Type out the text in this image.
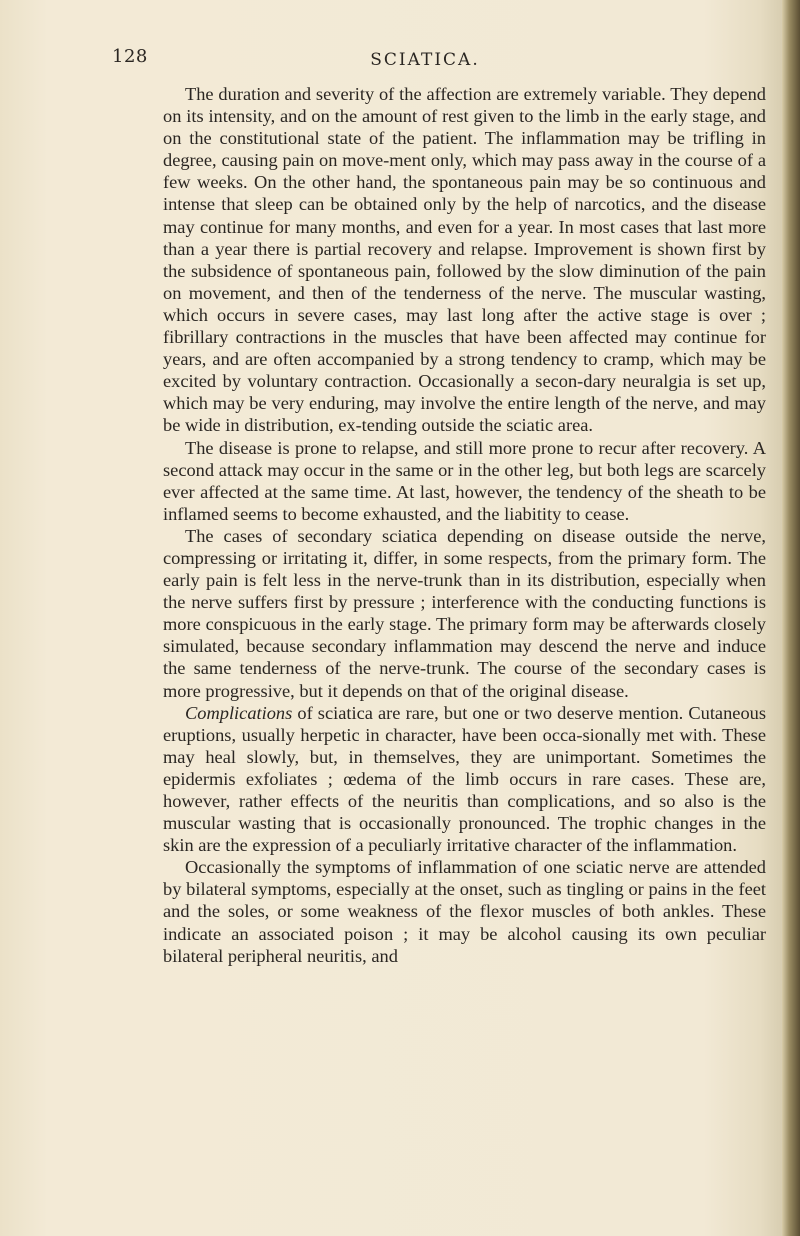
128	SCIATICA.

The duration and severity of the affection are extremely variable. They depend on its intensity, and on the amount of rest given to the limb in the early stage, and on the constitutional state of the patient. The inflammation may be trifling in degree, causing pain on move-ment only, which may pass away in the course of a few weeks. On the other hand, the spontaneous pain may be so continuous and intense that sleep can be obtained only by the help of narcotics, and the disease may continue for many months, and even for a year. In most cases that last more than a year there is partial recovery and relapse. Improvement is shown first by the subsidence of spontaneous pain, followed by the slow diminution of the pain on movement, and then of the tenderness of the nerve. The muscular wasting, which occurs in severe cases, may last long after the active stage is over ; fibrillary contractions in the muscles that have been affected may continue for years, and are often accompanied by a strong tendency to cramp, which may be excited by voluntary contraction. Occasionally a secon-dary neuralgia is set up, which may be very enduring, may involve the entire length of the nerve, and may be wide in distribution, ex-tending outside the sciatic area.

The disease is prone to relapse, and still more prone to recur after recovery. A second attack may occur in the same or in the other leg, but both legs are scarcely ever affected at the same time. At last, however, the tendency of the sheath to be inflamed seems to become exhausted, and the liabitity to cease.

The cases of secondary sciatica depending on disease outside the nerve, compressing or irritating it, differ, in some respects, from the primary form. The early pain is felt less in the nerve-trunk than in its distribution, especially when the nerve suffers first by pressure ; interference with the conducting functions is more conspicuous in the early stage. The primary form may be afterwards closely simulated, because secondary inflammation may descend the nerve and induce the same tenderness of the nerve-trunk. The course of the secondary cases is more progressive, but it depends on that of the original disease.

Complications of sciatica are rare, but one or two deserve mention. Cutaneous eruptions, usually herpetic in character, have been occa-sionally met with. These may heal slowly, but, in themselves, they are unimportant. Sometimes the epidermis exfoliates ; œdema of the limb occurs in rare cases. These are, however, rather effects of the neuritis than complications, and so also is the muscular wasting that is occasionally pronounced. The trophic changes in the skin are the expression of a peculiarly irritative character of the inflammation.

Occasionally the symptoms of inflammation of one sciatic nerve are attended by bilateral symptoms, especially at the onset, such as tingling or pains in the feet and the soles, or some weakness of the flexor muscles of both ankles. These indicate an associated poison ; it may be alcohol causing its own peculiar bilateral peripheral neuritis, and
